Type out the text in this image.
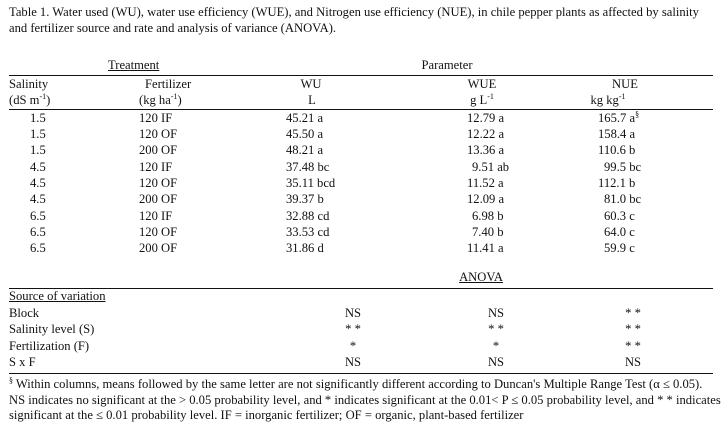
Table 1. Water used (WU), water use efficiency (WUE), and Nitrogen use efficiency (NUE), in chile pepper plants as affected by salinity and fertilizer source and rate and analysis of variance (ANOVA).
Treatment	Parameter
Salinity	Fertilizer	WU	WUE	NUE
(dS $m^{-1}$)	(kg $ha^{-1}$)	L	g $L^{-1}$	kg $kg^{-1}$
1.5	120 IF	45.21 a	12.79 a	165.7 a§
1.5	120 OF	45.50 a	12.22 a	158.4 a
1.5	200 OF	48.21 a	13.36 a	110.6 b
4.5	120 IF	37.48 bc	9.51 ab	99.5 bc
4.5	120 OF	35.11 bcd	11.52 a	112.1 b
4.5	200 OF	39.37 b	12.09 a	81.0 bc
6.5	120 IF	32.88 cd	6.98 b	60.3 c
6.5	120 OF	33.53 cd	7.40 b	64.0 c
6.5	200 OF	31.86 d	11.41 a	59.9 c
ANOVA
Source of variation
Block	NS	NS	* *
Salinity level (S)	* *	* *	* *
Fertilization (F)	*	*	* *
S x F	NS	NS	NS
§ Within columns, means followed by the same letter are not significantly different according to Duncan's Multiple Range Test (α ≤ 0.05). NS indicates no significant at the > 0.05 probability level, and * indicates significant at the 0.01< P ≤ 0.05 probability level, and * * indicates significant at the ≤ 0.01 probability level. IF = inorganic fertilizer; OF = organic, plant-based fertilizer
